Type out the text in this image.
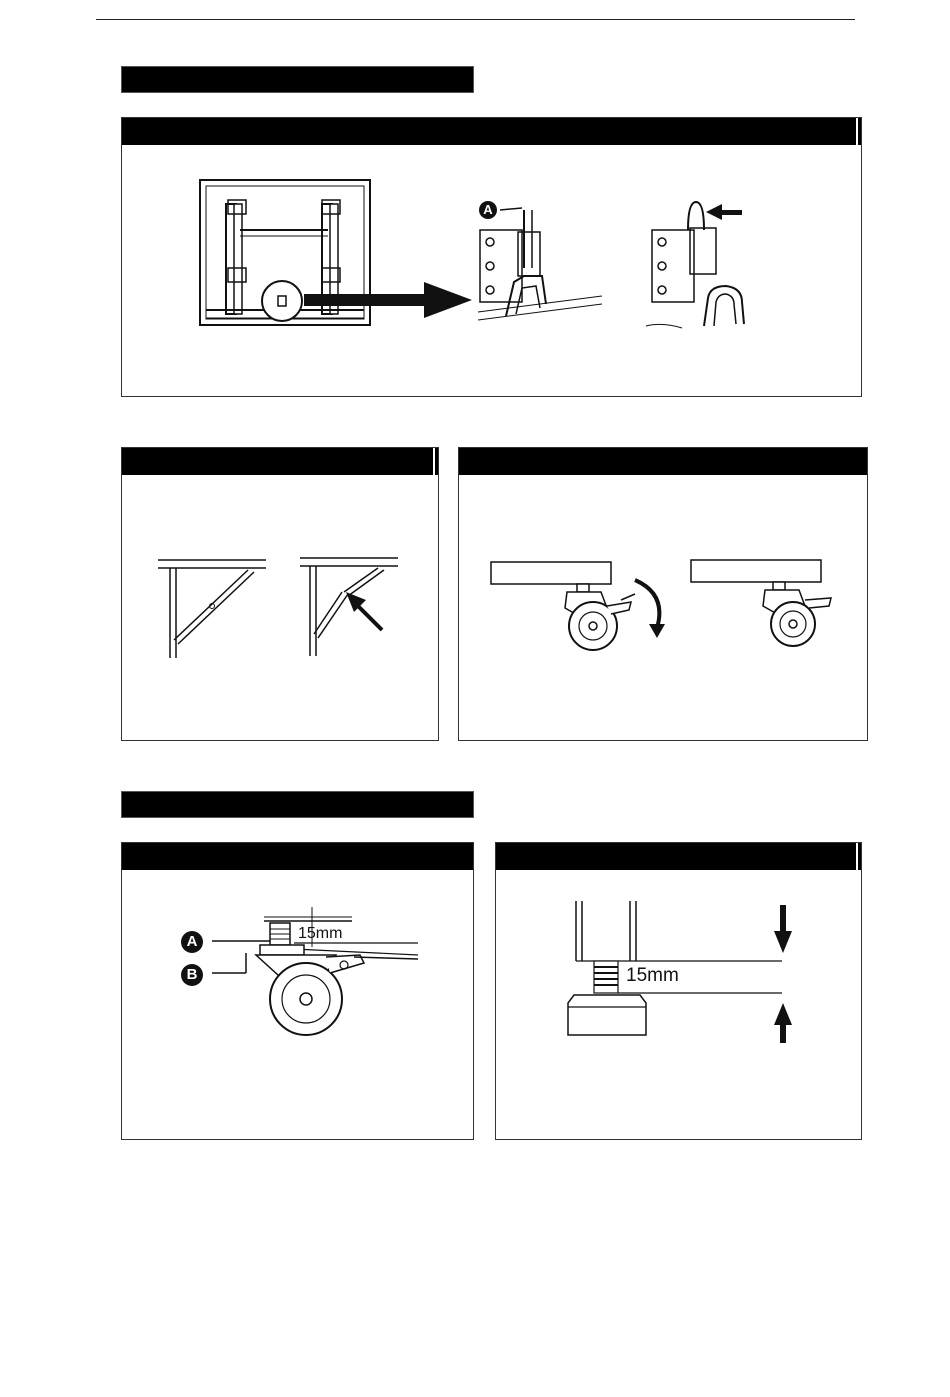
A
A
B
15mm
15mm
